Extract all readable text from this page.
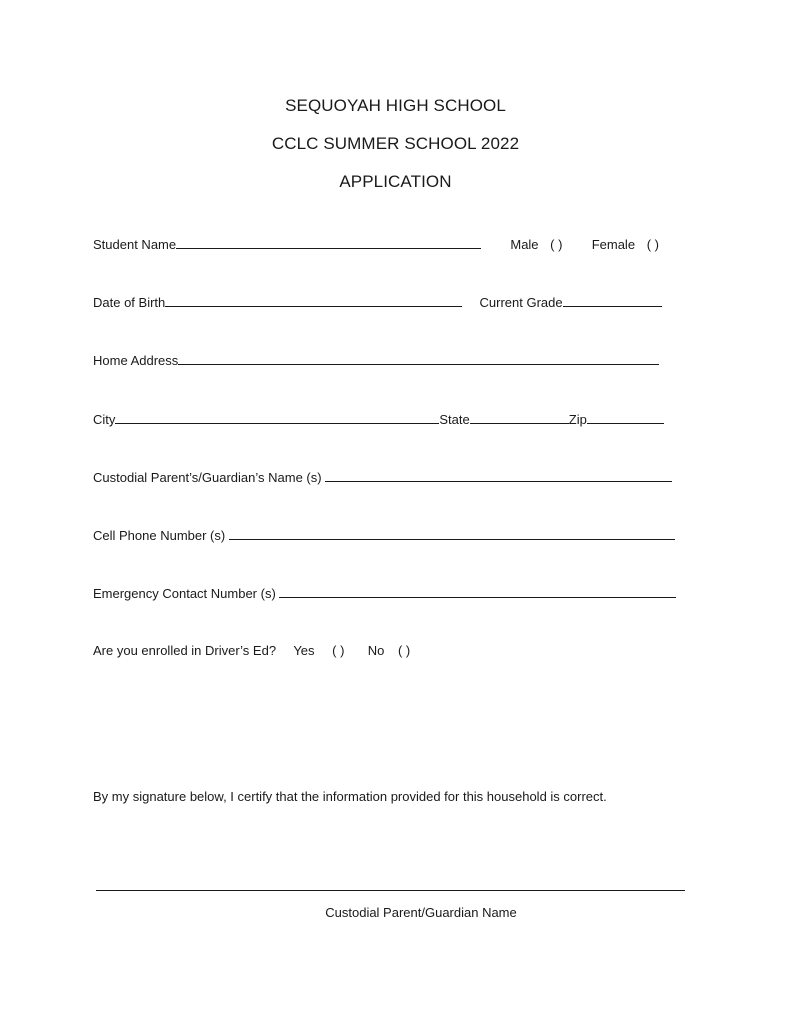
SEQUOYAH HIGH SCHOOL
CCLC SUMMER SCHOOL 2022
APPLICATION
Student Name	Male ( ) Female ( )
Date of Birth	Current Grade
Home Address
City	State	Zip
Custodial Parent’s/Guardian’s Name (s)
Cell Phone Number (s)
Emergency Contact Number (s)
Are you enrolled in Driver’s Ed? Yes ( ) No ( )
By my signature below, I certify that the information provided for this household is correct.
Custodial Parent/Guardian Name
